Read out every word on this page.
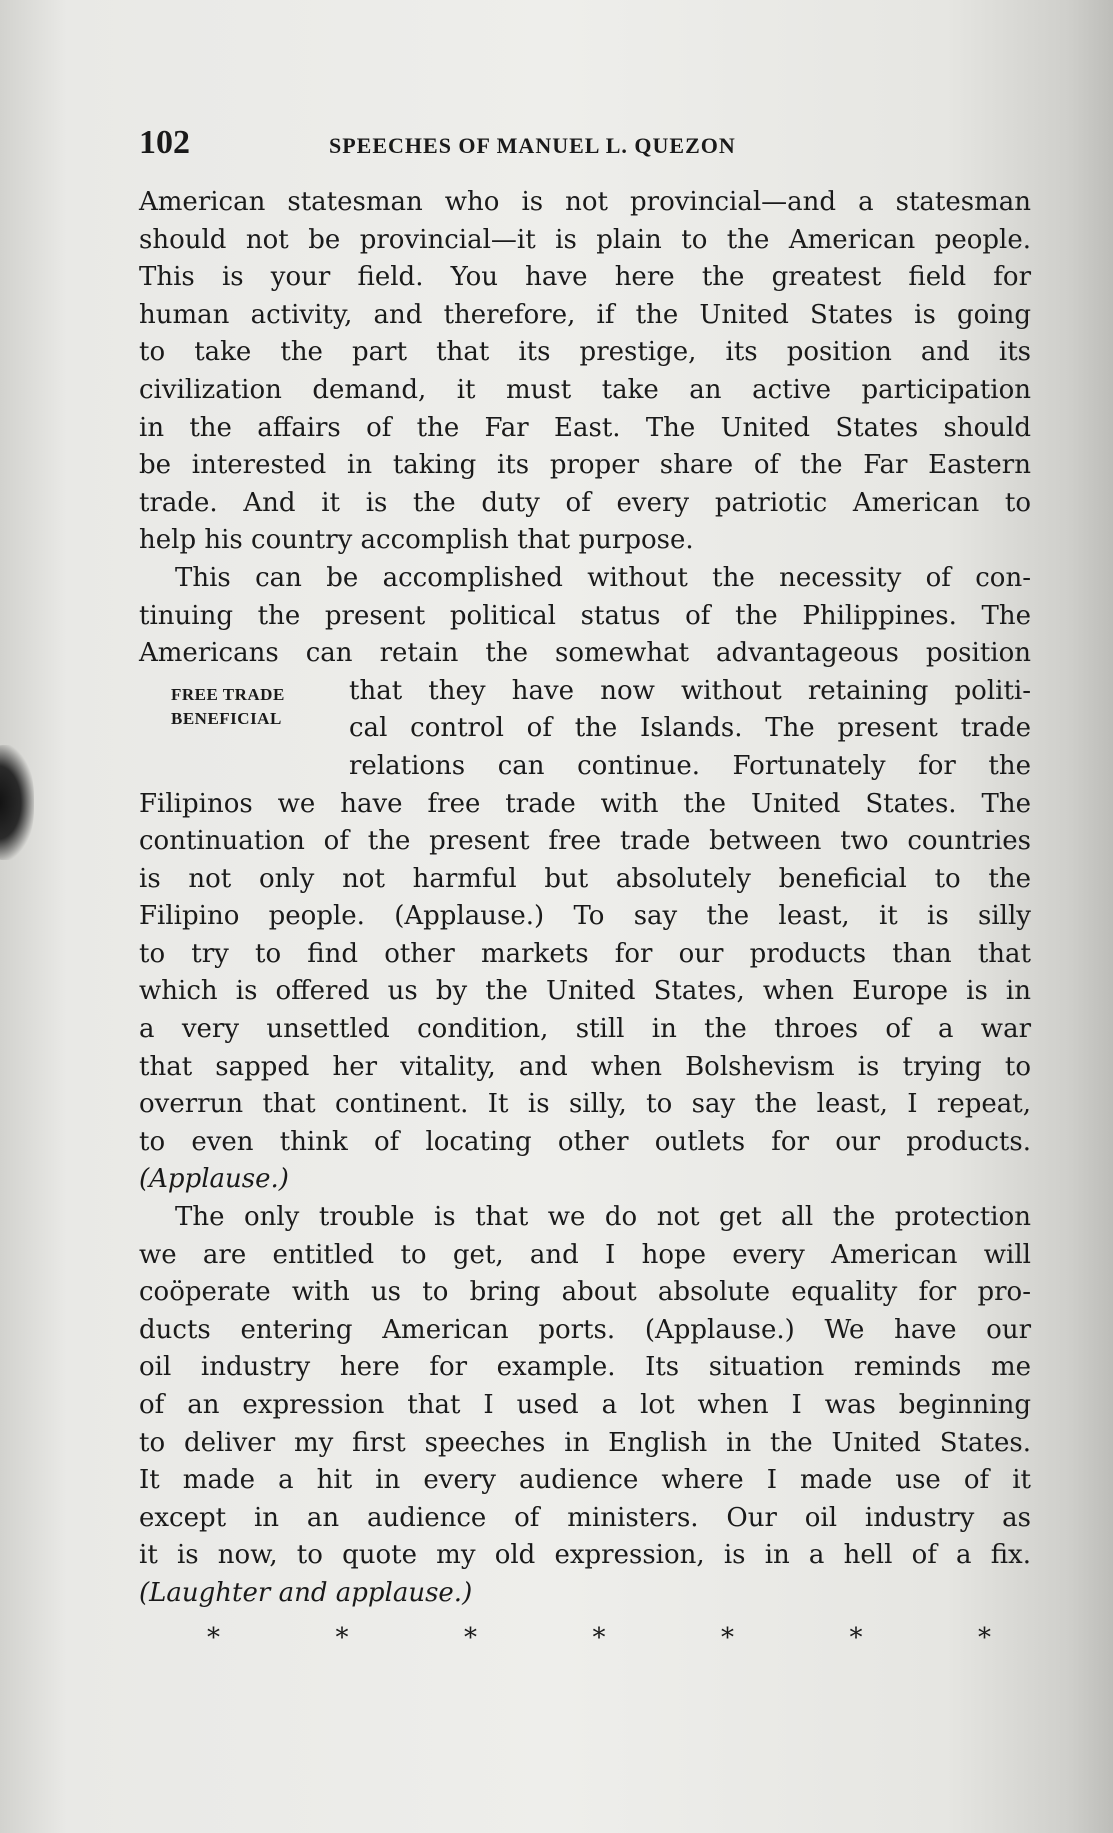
102	SPEECHES OF MANUEL L. QUEZON

American statesman who is not provincial—and a statesman
should not be provincial—it is plain to the American people.
This is your field. You have here the greatest field for
human activity, and therefore, if the United States is going
to take the part that its prestige, its position and its
civilization demand, it must take an active participation
in the affairs of the Far East. The United States should
be interested in taking its proper share of the Far Eastern
trade. And it is the duty of every patriotic American to
help his country accomplish that purpose.

This can be accomplished without the necessity of con-
tinuing the present political status of the Philippines. The
Americans can retain the somewhat advantageous position
FREE TRADE
BENEFICIAL
that they have now without retaining politi-
cal control of the Islands. The present trade
relations can continue. Fortunately for the
Filipinos we have free trade with the United States. The
continuation of the present free trade between two countries
is not only not harmful but absolutely beneficial to the
Filipino people. (Applause.) To say the least, it is silly
to try to find other markets for our products than that
which is offered us by the United States, when Europe is in
a very unsettled condition, still in the throes of a war
that sapped her vitality, and when Bolshevism is trying to
overrun that continent. It is silly, to say the least, I repeat,
to even think of locating other outlets for our products.
(Applause.)
The only trouble is that we do not get all the protection
we are entitled to get, and I hope every American will
coöperate with us to bring about absolute equality for pro-
ducts entering American ports. (Applause.) We have our
oil industry here for example. Its situation reminds me
of an expression that I used a lot when I was beginning
to deliver my first speeches in English in the United States.
It made a hit in every audience where I made use of it
except in an audience of ministers. Our oil industry as
it is now, to quote my old expression, is in a hell of a fix.
(Laughter and applause.)
*	*	*	*	*	*	*
